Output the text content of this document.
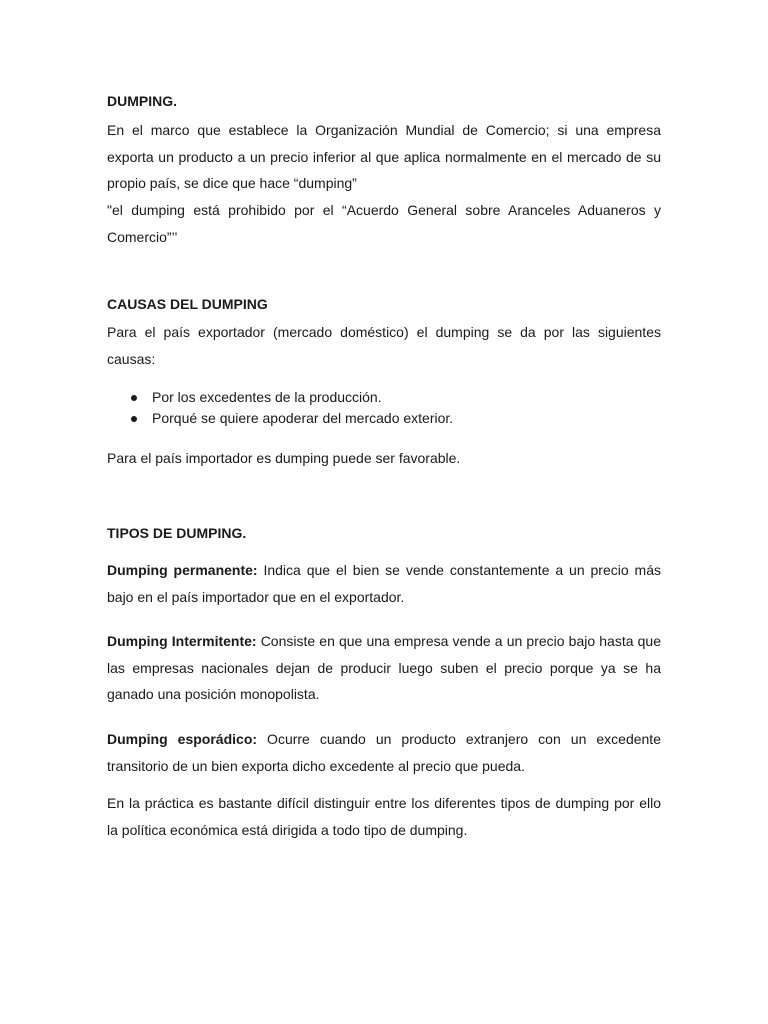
DUMPING.

En el marco que establece la Organización Mundial de Comercio; si una empresa exporta un producto a un precio inferior al que aplica normalmente en el mercado de su propio país, se dice que hace “dumping”

"el dumping está prohibido por el “Acuerdo General sobre Aranceles Aduaneros y Comercio”’’

CAUSAS DEL DUMPING

Para el país exportador (mercado doméstico) el dumping se da por las siguientes causas:

Por los excedentes de la producción.
Porqué se quiere apoderar del mercado exterior.

Para el país importador es dumping puede ser favorable.

TIPOS DE DUMPING.

Dumping permanente: Indica que el bien se vende constantemente a un precio más bajo en el país importador que en el exportador.

Dumping Intermitente: Consiste en que una empresa vende a un precio bajo hasta que las empresas nacionales dejan de producir luego suben el precio porque ya se ha ganado una posición monopolista.

Dumping esporádico: Ocurre cuando un producto extranjero con un excedente transitorio de un bien exporta dicho excedente al precio que pueda.

En la práctica es bastante difícil distinguir entre los diferentes tipos de dumping por ello la política económica está dirigida a todo tipo de dumping.
